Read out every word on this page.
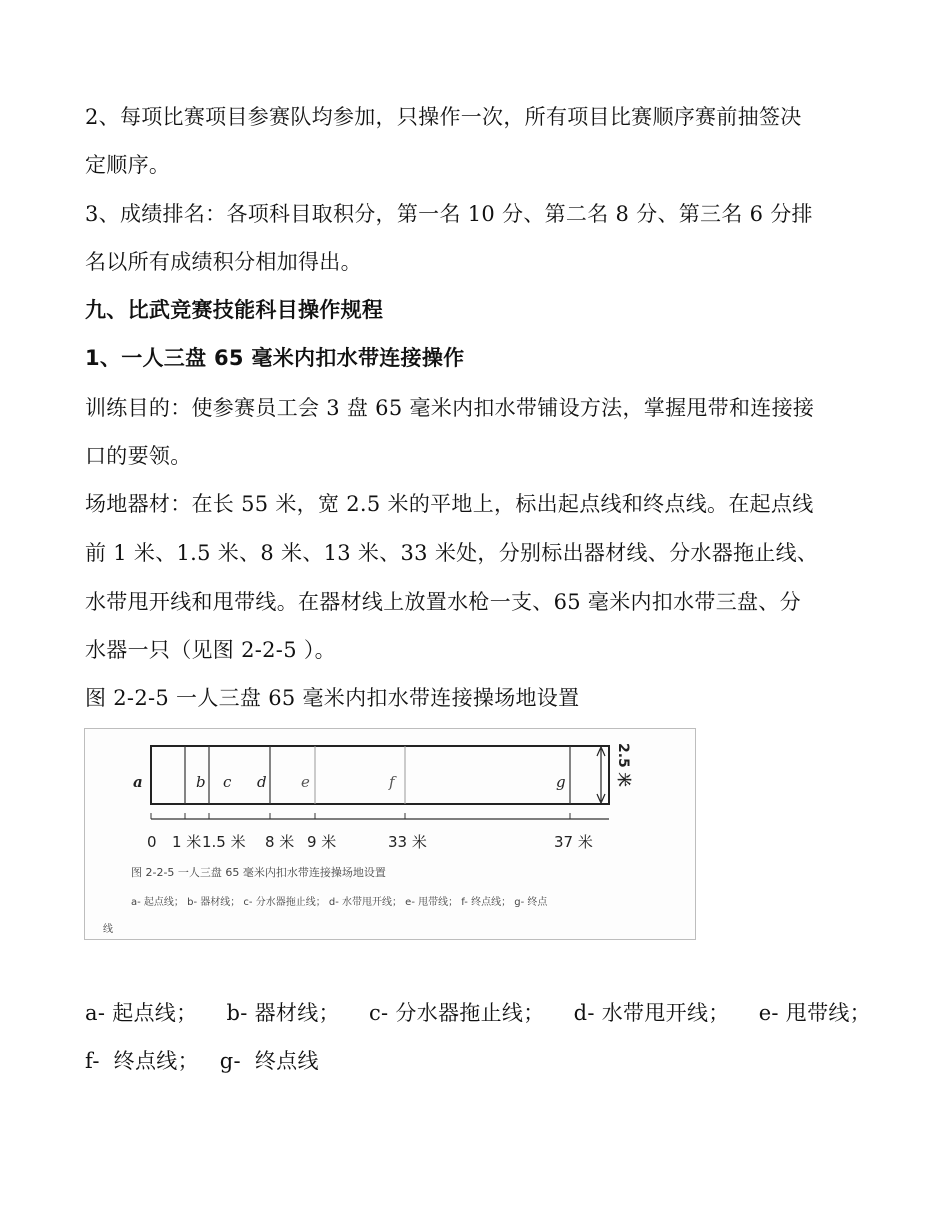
2、每项比赛项目参赛队均参加，只操作一次，所有项目比赛顺序赛前抽签决
定顺序。
3、成绩排名：各项科目取积分，第一名 10 分、第二名 8 分、第三名 6 分排
名以所有成绩积分相加得出。
九、比武竞赛技能科目操作规程
1、一人三盘 65 毫米内扣水带连接操作
训练目的：使参赛员工会 3 盘 65 毫米内扣水带铺设方法，掌握甩带和连接接
口的要领。
场地器材：在长 55 米，宽 2.5 米的平地上，标出起点线和终点线。在起点线
前 1 米、1.5 米、8 米、13 米、33 米处，分别标出器材线、分水器拖止线、
水带甩开线和甩带线。在器材线上放置水枪一支、65 毫米内扣水带三盘、分
水器一只（见图 2-2-5 ）。
图 2-2-5 一人三盘 65 毫米内扣水带连接操场地设置
a	b c d e	f	g	2.5 米
0 1 米 1.5 米 8 米 9 米	33 米	37 米
图 2-2-5 一人三盘 65 毫米内扣水带连接操场地设置
a- 起点线； b- 器材线； c- 分水器拖止线； d- 水带甩开线； e- 甩带线； f- 终点线； g- 终点
线
a- 起点线； b- 器材线； c- 分水器拖止线； d- 水带甩开线； e- 甩带线；
f-  终点线；   g-  终点线
